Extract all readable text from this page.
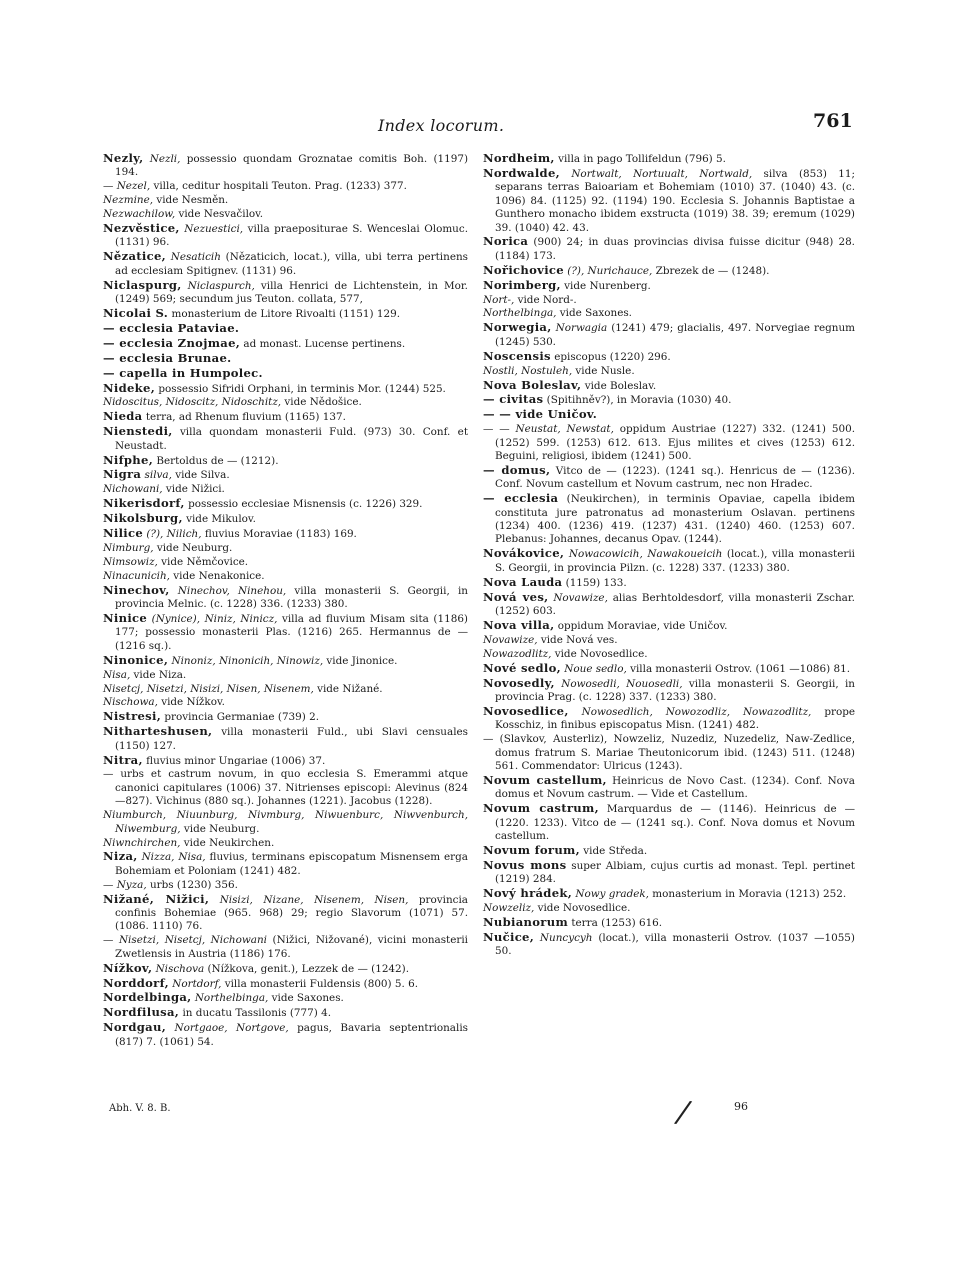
Index locorum.	761

Nezly, Nezli, possessio quondam Groznatae comitis Boh. (1197) 194.

— Nezel, villa, ceditur hospitali Teuton. Prag. (1233) 377.

Nezmine, vide Nesměn.

Nezwachilow, vide Nesvačilov.

Nezvěstice, Nezuestici, villa praepositurae S. Wenceslai Olomuc. (1131) 96.

Nězatice, Nesaticih (Nězaticich, locat.), villa, ubi terra pertinens ad ecclesiam Spitignev. (1131) 96.

Niclaspurg, Niclaspurch, villa Henrici de Lichtenstein, in Mor. (1249) 569; secundum jus Teuton. collata, 577,

Nicolai S. monasterium de Litore Rivoalti (1151) 129.

— ecclesia Pataviae.

— ecclesia Znojmae, ad monast. Lucense pertinens.

— ecclesia Brunae.

— capella in Humpolec.

Nideke, possessio Sifridi Orphani, in terminis Mor. (1244) 525.

Nidoscitus, Nidoscitz, Nidoschitz, vide Nědošice.

Nieda terra, ad Rhenum fluvium (1165) 137.

Nienstedi, villa quondam monasterii Fuld. (973) 30. Conf. et Neustadt.

Nifphe, Bertoldus de — (1212).

Nigra silva, vide Silva.

Nichowani, vide Nižici.

Nikerisdorf, possessio ecclesiae Misnensis (c. 1226) 329.

Nikolsburg, vide Mikulov.

Nilice (?), Nilich, fluvius Moraviae (1183) 169.

Nimburg, vide Neuburg.

Nimsowiz, vide Němčovice.

Ninacunicih, vide Nenakonice.

Ninechov, Ninechov, Ninehou, villa monasterii S. Georgii, in provincia Melnic. (c. 1228) 336. (1233) 380.

Ninice (Nynice), Niniz, Ninicz, villa ad fluvium Misam sita (1186) 177; possessio monasterii Plas. (1216) 265. Hermannus de — (1216 sq.).

Ninonice, Ninoniz, Ninonicih, Ninowiz, vide Jinonice.

Nisa, vide Niza.

Nisetcj, Nisetzi, Nisizi, Nisen, Nisenem, vide Nižané.

Nischowa, vide Nížkov.

Nistresi, provincia Germaniae (739) 2.

Nitharteshusen, villa monasterii Fuld., ubi Slavi censuales (1150) 127.

Nitra, fluvius minor Ungariae (1006) 37.

— urbs et castrum novum, in quo ecclesia S. Emerammi atque canonici capitulares (1006) 37. Nitrienses episcopi: Alevinus (824—827). Vichinus (880 sq.). Johannes (1221). Jacobus (1228).

Niumburch, Niuunburg, Nivmburg, Niwuenburc, Niwvenburch, Niwemburg, vide Neuburg.

Niwnchirchen, vide Neukirchen.

Niza, Nizza, Nisa, fluvius, terminans episcopatum Misnensem erga Bohemiam et Poloniam (1241) 482.

— Nyza, urbs (1230) 356.

Nižané, Nižici, Nisizi, Nizane, Nisenem, Nisen, provincia confinis Bohemiae (965. 968) 29; regio Slavorum (1071) 57. (1086. 1110) 76.

— Nisetzi, Nisetcj, Nichowani (Nižici, Nižované), vicini monasterii Zwetlensis in Austria (1186) 176.

Nížkov, Nischova (Nížkova, genit.), Lezzek de — (1242).

Norddorf, Nortdorf, villa monasterii Fuldensis (800) 5. 6.

Nordelbinga, Northelbinga, vide Saxones.

Nordfilusa, in ducatu Tassilonis (777) 4.

Nordgau, Nortgaoe, Nortgove, pagus, Bavaria septentrionalis (817) 7. (1061) 54.

Nordheim, villa in pago Tollifeldun (796) 5.

Nordwalde, Nortwalt, Nortuualt, Nortwald, silva (853) 11; separans terras Baioariam et Bohemiam (1010) 37. (1040) 43. (c. 1096) 84. (1125) 92. (1194) 190. Ecclesia S. Johannis Baptistae a Gunthero monacho ibidem exstructa (1019) 38. 39; eremum (1029) 39. (1040) 42. 43.

Norica (900) 24; in duas provincias divisa fuisse dicitur (948) 28. (1184) 173.

Nořichovice (?), Nurichauce, Zbrezek de — (1248).

Norimberg, vide Nurenberg.

Nort-, vide Nord-.

Northelbinga, vide Saxones.

Norwegia, Norwagia (1241) 479; glacialis, 497. Norvegiae regnum (1245) 530.

Noscensis episcopus (1220) 296.

Nostli, Nostuleh, vide Nusle.

Nova Boleslav, vide Boleslav.

— civitas (Spitihněv?), in Moravia (1030) 40.

— — vide Uničov.

— — Neustat, Newstat, oppidum Austriae (1227) 332. (1241) 500. (1252) 599. (1253) 612. 613. Ejus milites et cives (1253) 612. Beguini, religiosi, ibidem (1241) 500.

— domus, Vitco de — (1223). (1241 sq.). Henricus de — (1236). Conf. Novum castellum et Novum castrum, nec non Hradec.

— ecclesia (Neukirchen), in terminis Opaviae, capella ibidem constituta jure patronatus ad monasterium Oslavan. pertinens (1234) 400. (1236) 419. (1237) 431. (1240) 460. (1253) 607. Plebanus: Johannes, decanus Opav. (1244).

Novákovice, Nowacowicih, Nawakoueicih (locat.), villa monasterii S. Georgii, in provincia Pilzn. (c. 1228) 337. (1233) 380.

Nova Lauda (1159) 133.

Nová ves, Novawize, alias Berhtoldesdorf, villa monasterii Zschar. (1252) 603.

Nova villa, oppidum Moraviae, vide Uničov.

Novawize, vide Nová ves.

Nowazodlitz, vide Novosedlice.

Nové sedlo, Noue sedlo, villa monasterii Ostrov. (1061 —1086) 81.

Novosedly, Nowosedli, Nouosedli, villa monasterii S. Georgii, in provincia Prag. (c. 1228) 337. (1233) 380.

Novosedlice, Nowosedlich, Nowozodliz, Nowazodlitz, prope Kosschiz, in finibus episcopatus Misn. (1241) 482.

— (Slavkov, Austerliz), Nowzeliz, Nuzediz, Nuzedeliz, Naw-Zedlice, domus fratrum S. Mariae Theutonicorum ibid. (1243) 511. (1248) 561. Commendator: Ulricus (1243).

Novum castellum, Heinricus de Novo Cast. (1234). Conf. Nova domus et Novum castrum. — Vide et Castellum.

Novum castrum, Marquardus de — (1146). Heinricus de — (1220. 1233). Vitco de — (1241 sq.). Conf. Nova domus et Novum castellum.

Novum forum, vide Středa.

Novus mons super Albiam, cujus curtis ad monast. Tepl. pertinet (1219) 284.

Nový hrádek, Nowy gradek, monasterium in Moravia (1213) 252.

Nowzeliz, vide Novosedlice.

Nubianorum terra (1253) 616.

Nučice, Nuncycyh (locat.), villa monasterii Ostrov. (1037 —1055) 50.

Abh. V. 8. B.	/	96
